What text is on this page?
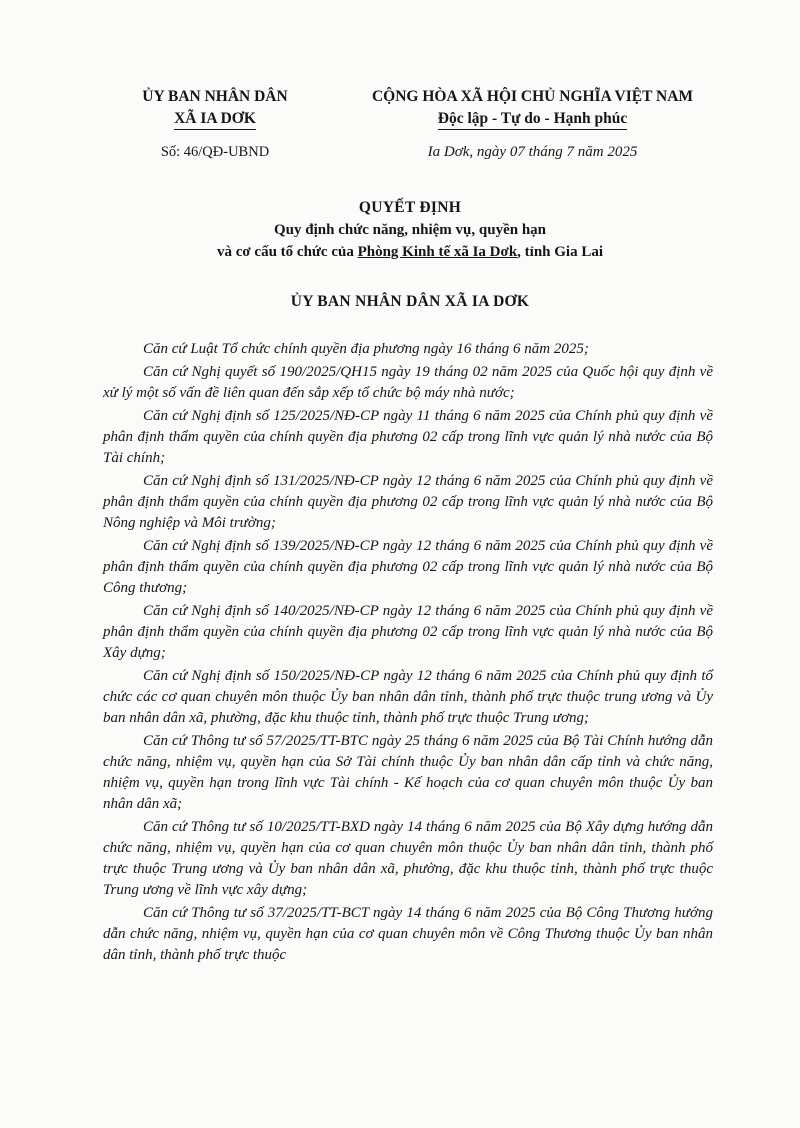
ỦY BAN NHÂN DÂN
XÃ IA DƠK
CỘNG HÒA XÃ HỘI CHỦ NGHĨA VIỆT NAM
Độc lập - Tự do - Hạnh phúc
Số: 46/QĐ-UBND	Ia Dơk, ngày 07 tháng 7 năm 2025
QUYẾT ĐỊNH
Quy định chức năng, nhiệm vụ, quyền hạn
và cơ cấu tổ chức của Phòng Kinh tế xã Ia Dơk, tỉnh Gia Lai
ỦY BAN NHÂN DÂN XÃ IA DƠK

Căn cứ Luật Tổ chức chính quyền địa phương ngày 16 tháng 6 năm 2025;

Căn cứ Nghị quyết số 190/2025/QH15 ngày 19 tháng 02 năm 2025 của Quốc hội quy định về xử lý một số vấn đề liên quan đến sắp xếp tổ chức bộ máy nhà nước;

Căn cứ Nghị định số 125/2025/NĐ-CP ngày 11 tháng 6 năm 2025 của Chính phủ quy định về phân định thẩm quyền của chính quyền địa phương 02 cấp trong lĩnh vực quản lý nhà nước của Bộ Tài chính;

Căn cứ Nghị định số 131/2025/NĐ-CP ngày 12 tháng 6 năm 2025 của Chính phủ quy định về phân định thẩm quyền của chính quyền địa phương 02 cấp trong lĩnh vực quản lý nhà nước của Bộ Nông nghiệp và Môi trường;

Căn cứ Nghị định số 139/2025/NĐ-CP ngày 12 tháng 6 năm 2025 của Chính phủ quy định về phân định thẩm quyền của chính quyền địa phương 02 cấp trong lĩnh vực quản lý nhà nước của Bộ Công thương;

Căn cứ Nghị định số 140/2025/NĐ-CP ngày 12 tháng 6 năm 2025 của Chính phủ quy định về phân định thẩm quyền của chính quyền địa phương 02 cấp trong lĩnh vực quản lý nhà nước của Bộ Xây dựng;

Căn cứ Nghị định số 150/2025/NĐ-CP ngày 12 tháng 6 năm 2025 của Chính phủ quy định tổ chức các cơ quan chuyên môn thuộc Ủy ban nhân dân tỉnh, thành phố trực thuộc trung ương và Ủy ban nhân dân xã, phường, đặc khu thuộc tỉnh, thành phố trực thuộc Trung ương;

Căn cứ Thông tư số 57/2025/TT-BTC ngày 25 tháng 6 năm 2025 của Bộ Tài Chính hướng dẫn chức năng, nhiệm vụ, quyền hạn của Sở Tài chính thuộc Ủy ban nhân dân cấp tỉnh và chức năng, nhiệm vụ, quyền hạn trong lĩnh vực Tài chính - Kế hoạch của cơ quan chuyên môn thuộc Ủy ban nhân dân xã;

Căn cứ Thông tư số 10/2025/TT-BXD ngày 14 tháng 6 năm 2025 của Bộ Xây dựng hướng dẫn chức năng, nhiệm vụ, quyền hạn của cơ quan chuyên môn thuộc Ủy ban nhân dân tỉnh, thành phố trực thuộc Trung ương và Ủy ban nhân dân xã, phường, đặc khu thuộc tỉnh, thành phố trực thuộc Trung ương về lĩnh vực xây dựng;

Căn cứ Thông tư số 37/2025/TT-BCT ngày 14 tháng 6 năm 2025 của Bộ Công Thương hướng dẫn chức năng, nhiệm vụ, quyền hạn của cơ quan chuyên môn về Công Thương thuộc Ủy ban nhân dân tỉnh, thành phố trực thuộc
